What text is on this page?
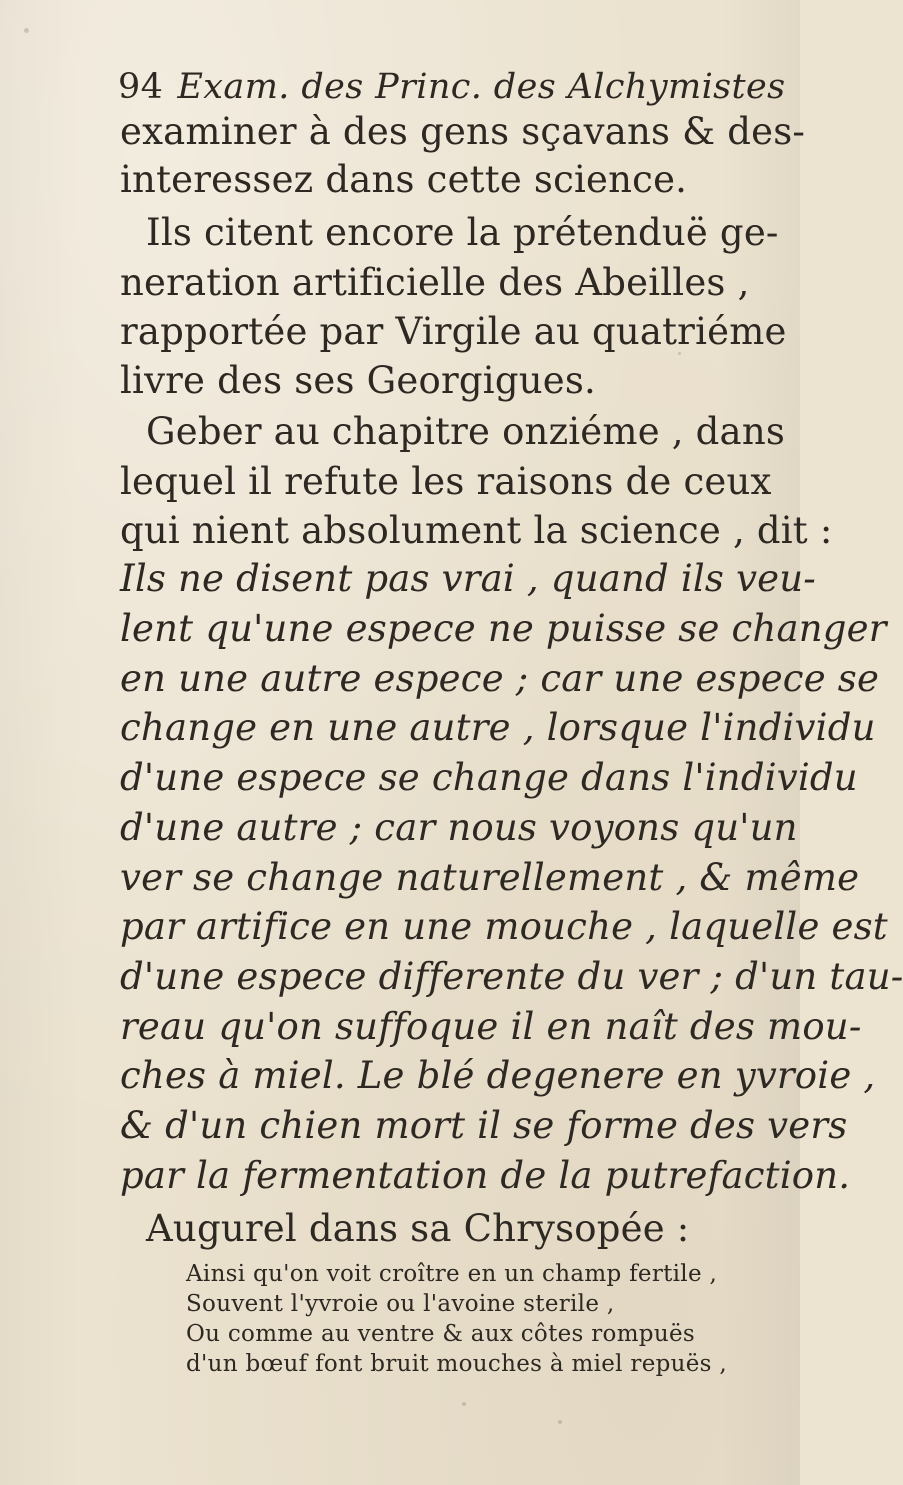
94 Exam. des Princ. des Alchymistes
examiner à des gens sçavans & des-
interessez dans cette science.
Ils citent encore la prétenduë ge-
neration artificielle des Abeilles ,
rapportée par Virgile au quatriéme
livre des ses Georgigues.
Geber au chapitre onziéme , dans
lequel il refute les raisons de ceux
qui nient absolument la science , dit :
Ils ne disent pas vrai , quand ils veu-
lent qu'une espece ne puisse se changer
en une autre espece ; car une espece se
change en une autre , lorsque l'individu
d'une espece se change dans l'individu
d'une autre ; car nous voyons qu'un
ver se change naturellement , & même
par artifice en une mouche , laquelle est
d'une espece differente du ver ; d'un tau-
reau qu'on suffoque il en naît des mou-
ches à miel. Le blé degenere en yvroie ,
& d'un chien mort il se forme des vers
par la fermentation de la putrefaction.
Augurel dans sa Chrysopée :
Ainsi qu'on voit croître en un champ fertile ,
Souvent l'yvroie ou l'avoine sterile ,
Ou comme au ventre & aux côtes rompuës
d'un bœuf font bruit mouches à miel repuës ,
